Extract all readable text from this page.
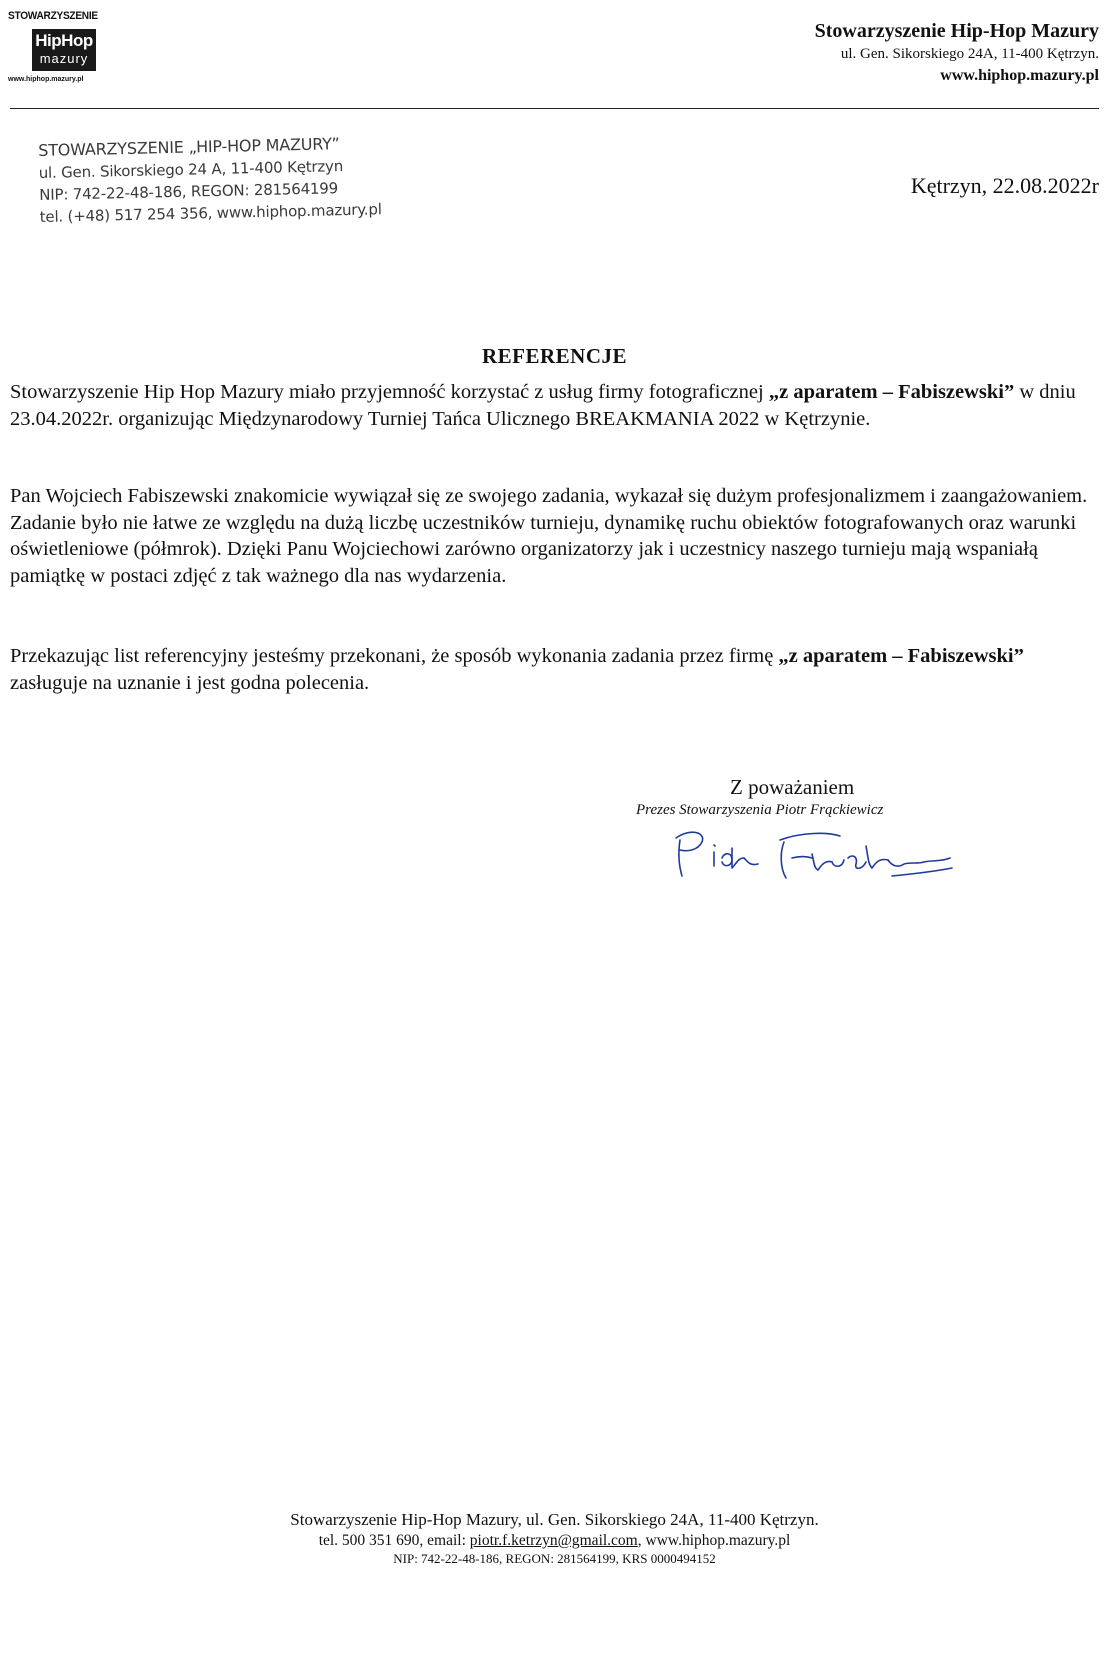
STOWARZYSZENIE
HipHop
mazury
www.hiphop.mazury.pl
Stowarzyszenie Hip-Hop Mazury
ul. Gen. Sikorskiego 24A, 11-400 Kętrzyn.
www.hiphop.mazury.pl
STOWARZYSZENIE „HIP-HOP MAZURY”
ul. Gen. Sikorskiego 24 A, 11-400 Kętrzyn
NIP: 742-22-48-186, REGON: 281564199
tel. (+48) 517 254 356, www.hiphop.mazury.pl
Kętrzyn, 22.08.2022r
REFERENCJE
Stowarzyszenie Hip Hop Mazury miało przyjemność korzystać z usług firmy fotograficznej „z aparatem – Fabiszewski” w dniu 23.04.2022r. organizując Międzynarodowy Turniej Tańca Ulicznego BREAKMANIA 2022 w Kętrzynie.
Pan Wojciech Fabiszewski znakomicie wywiązał się ze swojego zadania, wykazał się dużym profesjonalizmem i zaangażowaniem. Zadanie było nie łatwe ze względu na dużą liczbę uczestników turnieju, dynamikę ruchu obiektów fotografowanych oraz warunki oświetleniowe (półmrok). Dzięki Panu Wojciechowi zarówno organizatorzy jak i uczestnicy naszego turnieju mają wspaniałą pamiątkę w postaci zdjęć z tak ważnego dla nas wydarzenia.
Przekazując list referencyjny jesteśmy przekonani, że sposób wykonania zadania przez firmę „z aparatem – Fabiszewski” zasługuje na uznanie i jest godna polecenia.
Z poważaniem
Prezes Stowarzyszenia Piotr Frąckiewicz
Stowarzyszenie Hip-Hop Mazury, ul. Gen. Sikorskiego 24A, 11-400 Kętrzyn.
tel. 500 351 690, email: piotr.f.ketrzyn@gmail.com, www.hiphop.mazury.pl
NIP: 742-22-48-186, REGON: 281564199, KRS 0000494152
